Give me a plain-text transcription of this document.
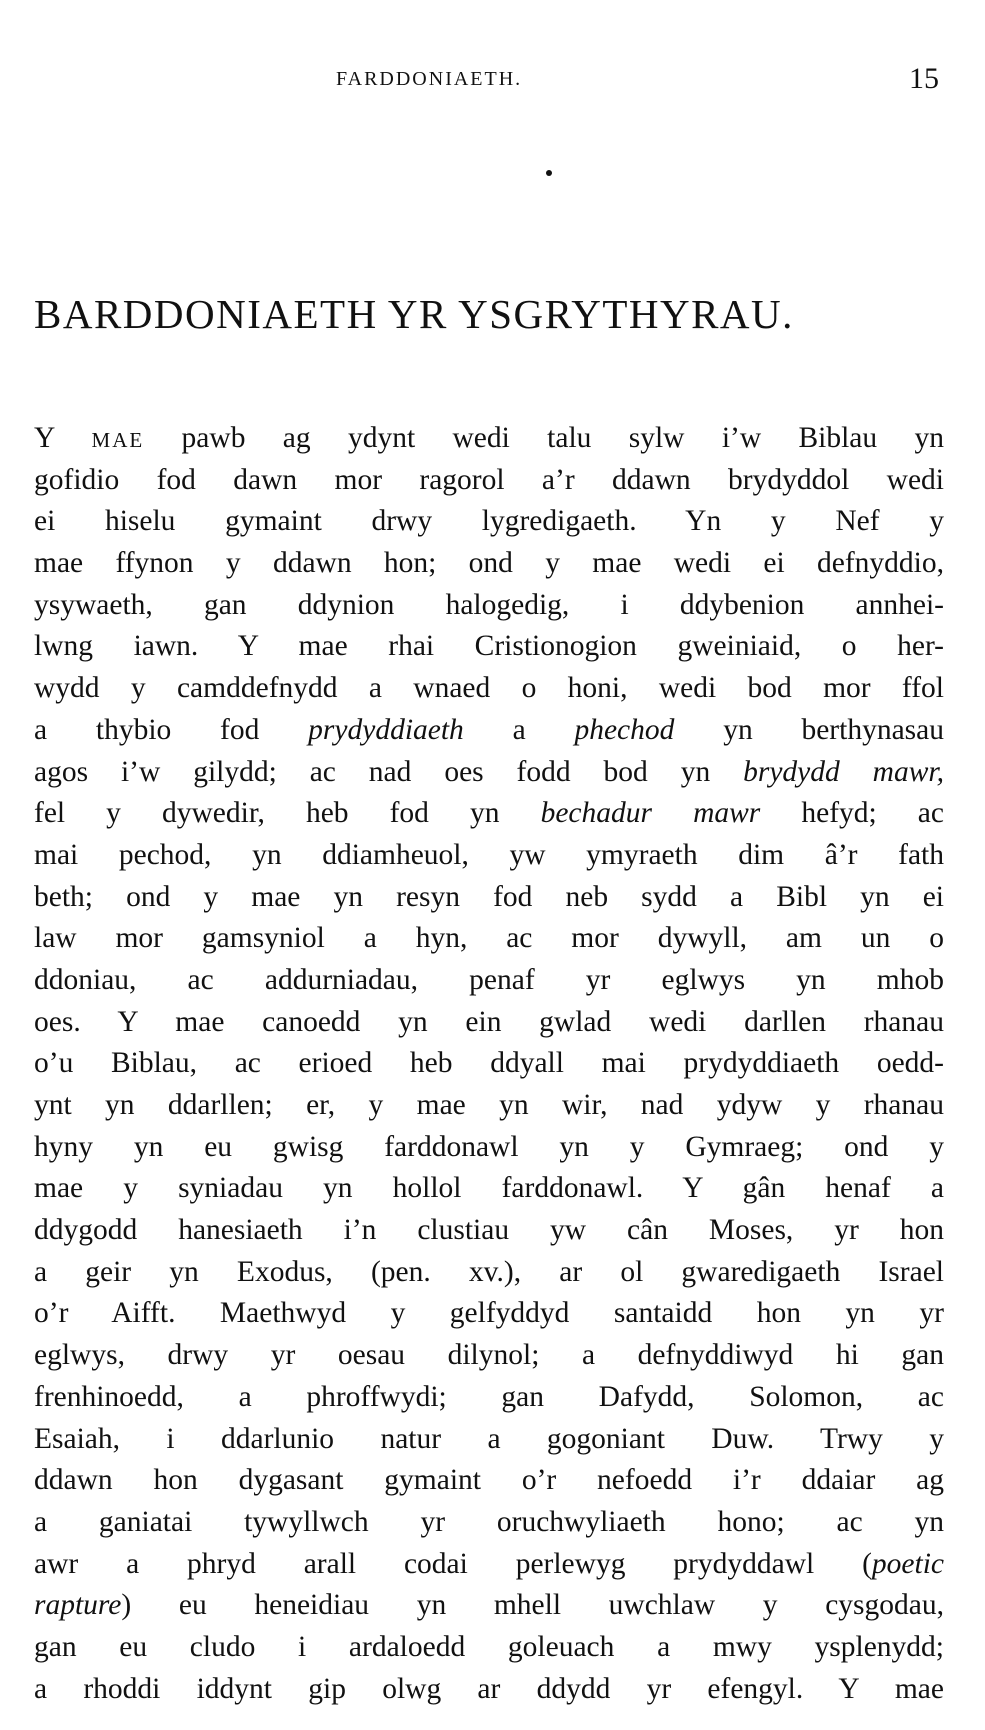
FARDDONIAETH.	15
BARDDONIAETH YR YSGRYTHYRAU.
Y mae pawb ag ydynt wedi talu sylw i’w Biblau yn
gofidio fod dawn mor ragorol a’r ddawn brydyddol wedi
ei hiselu gymaint drwy lygredigaeth. Yn y Nef y
mae ffynon y ddawn hon; ond y mae wedi ei defnyddio,
ysywaeth, gan ddynion halogedig, i ddybenion annhei-
lwng iawn. Y mae rhai Cristionogion gweiniaid, o her-
wydd y camddefnydd a wnaed o honi, wedi bod mor ffol
a thybio fod prydyddiaeth a phechod yn berthynasau
agos i’w gilydd; ac nad oes fodd bod yn brydydd mawr,
fel y dywedir, heb fod yn bechadur mawr hefyd; ac
mai pechod, yn ddiamheuol, yw ymyraeth dim â’r fath
beth; ond y mae yn resyn fod neb sydd a Bibl yn ei
law mor gamsyniol a hyn, ac mor dywyll, am un o
ddoniau, ac addurniadau, penaf yr eglwys yn mhob
oes. Y mae canoedd yn ein gwlad wedi darllen rhanau
o’u Biblau, ac erioed heb ddyall mai prydyddiaeth oedd-
ynt yn ddarllen; er, y mae yn wir, nad ydyw y rhanau
hyny yn eu gwisg farddonawl yn y Gymraeg; ond y
mae y syniadau yn hollol farddonawl. Y gân henaf a
ddygodd hanesiaeth i’n clustiau yw cân Moses, yr hon
a geir yn Exodus, (pen. xv.), ar ol gwaredigaeth Israel
o’r Aifft. Maethwyd y gelfyddyd santaidd hon yn yr
eglwys, drwy yr oesau dilynol; a defnyddiwyd hi gan
frenhinoedd, a phroffwydi; gan Dafydd, Solomon, ac
Esaiah, i ddarlunio natur a gogoniant Duw. Trwy y
ddawn hon dygasant gymaint o’r nefoedd i’r ddaiar ag
a ganiatai tywyllwch yr oruchwyliaeth hono; ac yn
awr a phryd arall codai perlewyg prydyddawl (poetic
rapture) eu heneidiau yn mhell uwchlaw y cysgodau,
gan eu cludo i ardaloedd goleuach a mwy ysplenydd;
a rhoddi iddynt gip olwg ar ddydd yr efengyl. Y mae
